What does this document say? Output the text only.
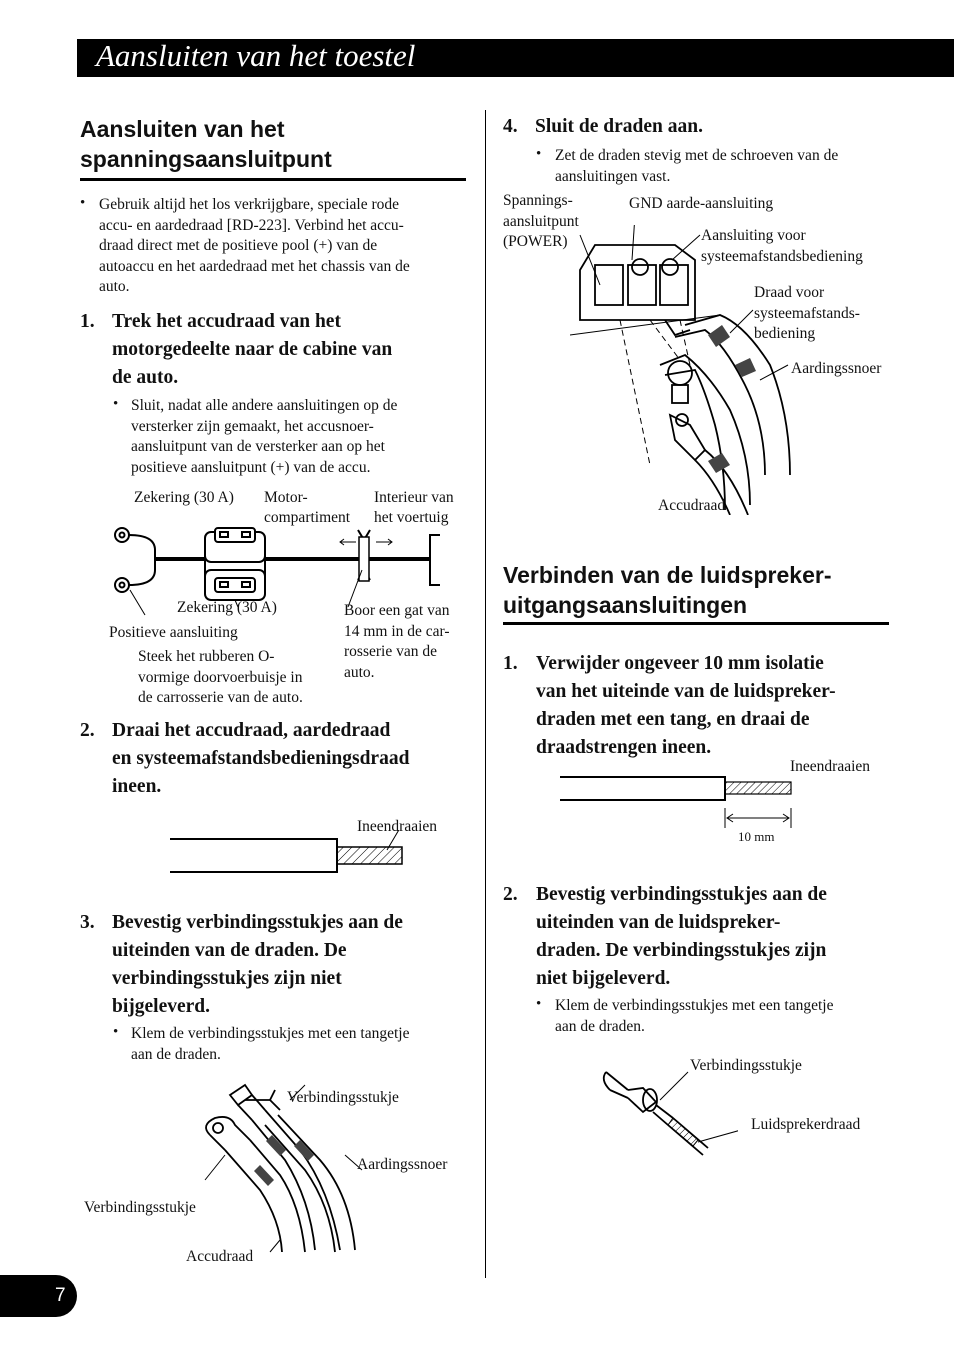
Aansluiten van het toestel
Aansluiten van het
spanningsaansluitpunt
• Gebruik altijd het los verkrijgbare, speciale rode
accu- en aardedraad [RD-223]. Verbind het accu-
draad direct met de positieve pool (+) van de
autoaccu en het aardedraad met het chassis van de
auto.
1. Trek het accudraad van het
motorgedeelte naar de cabine van
de auto.
• Sluit, nadat alle andere aansluitingen op de
versterker zijn gemaakt, het accusnoer-
aansluitpunt van de versterker aan op het
positieve aansluitpunt (+) van de accu.
Zekering (30 A) Motor-
compartiment
Interieur van
het voertuig
Zekering (30 A)
Positieve aansluiting
Boor een gat van
14 mm in de car-
rosserie van de
auto.
Steek het rubberen O-
vormige doorvoerbuisje in
de carrosserie van de auto.
2. Draai het accudraad, aardedraad
en systeemafstandsbedieningsdraad
ineen.
Ineendraaien
3. Bevestig verbindingsstukjes aan de
uiteinden van de draden. De
verbindingsstukjes zijn niet
bijgeleverd.
• Klem de verbindingsstukjes met een tangetje
aan de draden.
Verbindingsstukje
Aardingssnoer
Verbindingsstukje
Accudraad
4. Sluit de draden aan.
• Zet de draden stevig met de schroeven van de
aansluitingen vast.
Spannings-
aansluitpunt
(POWER)
GND aarde-aansluiting
Aansluiting voor
systeemafstandsbediening
Draad voor
systeemafstands-
bediening
Aardingssnoer
Accudraad
Verbinden van de luidspreker-
uitgangsaansluitingen
1. Verwijder ongeveer 10 mm isolatie
van het uiteinde van de luidspreker-
draden met een tang, en draai de
draadstrengen ineen.
Ineendraaien
10 mm
2. Bevestig verbindingsstukjes aan de
uiteinden van de luidspreker-
draden. De verbindingsstukjes zijn
niet bijgeleverd.
• Klem de verbindingsstukjes met een tangetje
aan de draden.
Verbindingsstukje
Luidsprekerdraad
7
